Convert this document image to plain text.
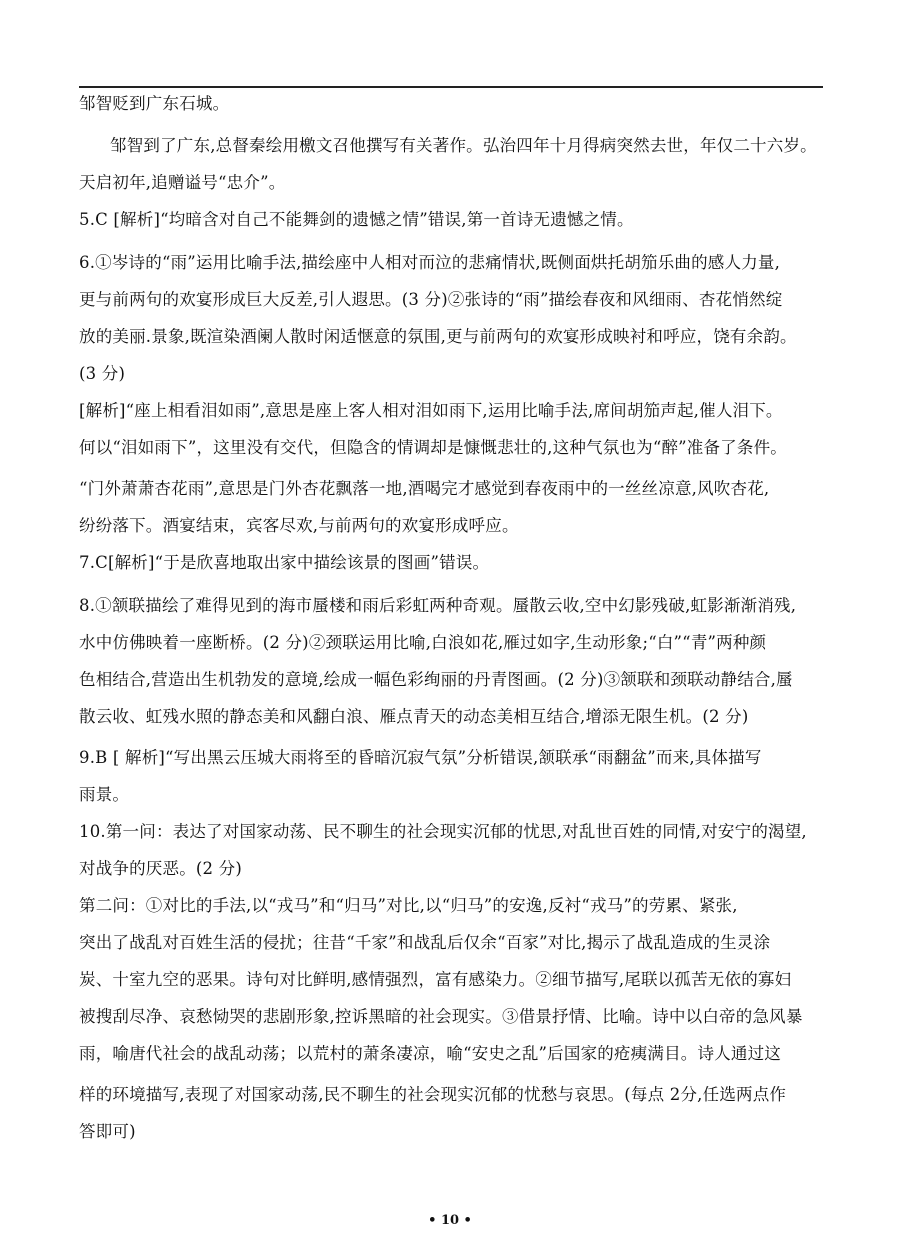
邹智贬到广东石城。
邹智到了广东,总督秦绘用檄文召他撰写有关著作。弘治四年十月得病突然去世，年仅二十六岁。
天启初年,追赠谥号“忠介”。
5.C [解析]“均暗含对自己不能舞剑的遗憾之情”错误,第一首诗无遗憾之情。
6.①岑诗的“雨”运用比喻手法,描绘座中人相对而泣的悲痛情状,既侧面烘托胡笳乐曲的感人力量,
更与前两句的欢宴形成巨大反差,引人遐思。(3 分)②张诗的“雨”描绘春夜和风细雨、杏花悄然绽
放的美丽.景象,既渲染酒阑人散时闲适惬意的氛围,更与前两句的欢宴形成映衬和呼应，饶有余韵。
(3 分)
[解析]“座上相看泪如雨”,意思是座上客人相对泪如雨下,运用比喻手法,席间胡笳声起,催人泪下。
何以“泪如雨下”，这里没有交代，但隐含的情调却是慷慨悲壮的,这种气氛也为“醉”准备了条件。
“门外萧萧杏花雨”,意思是门外杏花飘落一地,酒喝完才感觉到春夜雨中的一丝丝凉意,风吹杏花,
纷纷落下。酒宴结束，宾客尽欢,与前两句的欢宴形成呼应。
7.C[解析]“于是欣喜地取出家中描绘该景的图画”错误。
8.①颔联描绘了难得见到的海市蜃楼和雨后彩虹两种奇观。蜃散云收,空中幻影残破,虹影渐渐消残,
水中仿佛映着一座断桥。(2 分)②颈联运用比喻,白浪如花,雁过如字,生动形象;“白”“青”两种颜
色相结合,营造出生机勃发的意境,绘成一幅色彩绚丽的丹青图画。(2 分)③颔联和颈联动静结合,蜃
散云收、虹残水照的静态美和风翻白浪、雁点青天的动态美相互结合,增添无限生机。(2 分)
9.B [ 解析]“写出黑云压城大雨将至的昏暗沉寂气氛”分析错误,颔联承“雨翻盆”而来,具体描写
雨景。
10.第一问：表达了对国家动荡、民不聊生的社会现实沉郁的忧思,对乱世百姓的同情,对安宁的渴望,
对战争的厌恶。(2 分)
第二问：①对比的手法,以“戎马”和“归马”对比,以“归马”的安逸,反衬“戎马”的劳累、紧张,
突出了战乱对百姓生活的侵扰；往昔“千家”和战乱后仅余“百家”对比,揭示了战乱造成的生灵涂
炭、十室九空的恶果。诗句对比鲜明,感情强烈，富有感染力。②细节描写,尾联以孤苦无依的寡妇
被搜刮尽净、哀愁恸哭的悲剧形象,控诉黑暗的社会现实。③借景抒情、比喻。诗中以白帝的急风暴
雨，喻唐代社会的战乱动荡；以荒村的萧条凄凉，喻“安史之乱”后国家的疮痍满目。诗人通过这
样的环境描写,表现了对国家动荡,民不聊生的社会现实沉郁的忧愁与哀思。(每点 2分,任选两点作
答即可)
• 10 •
